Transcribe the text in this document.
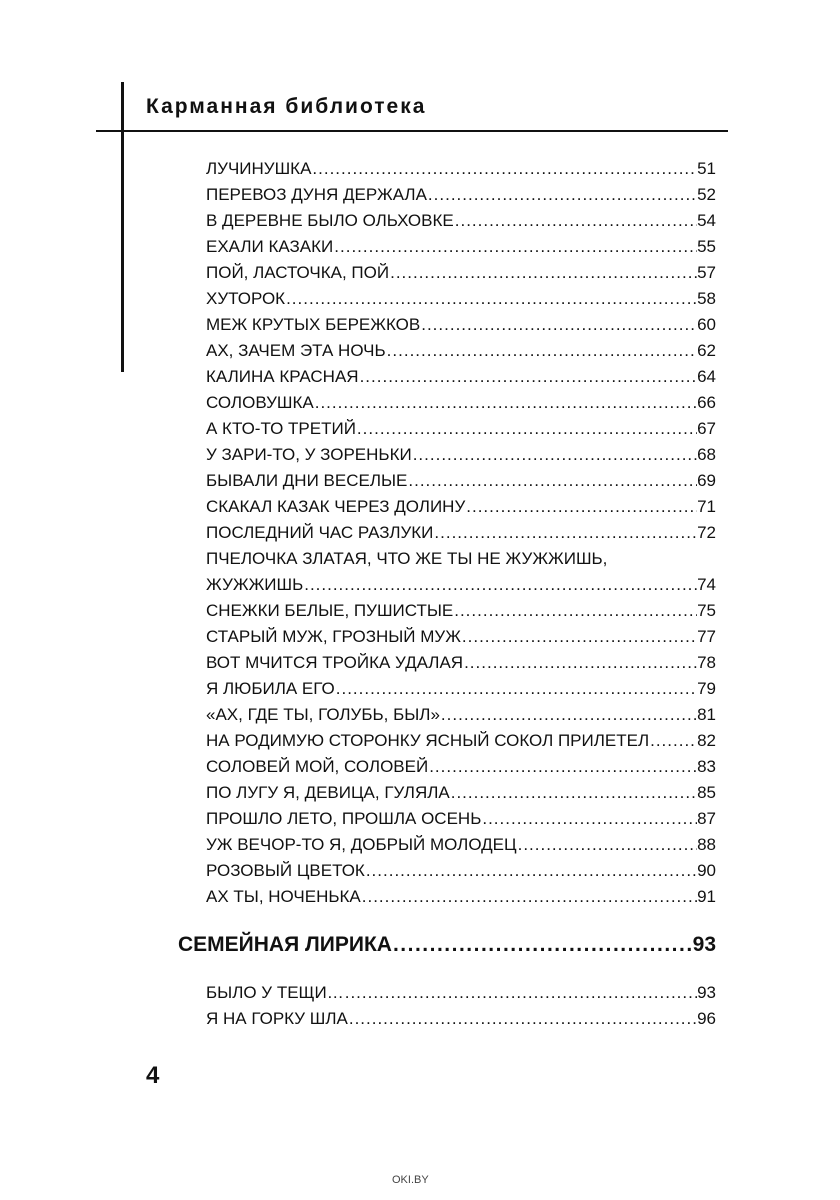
Карманная библиотека
ЛУЧИНУШКА .....	51
ПЕРЕВОЗ ДУНЯ ДЕРЖАЛА .....	52
В ДЕРЕВНЕ БЫЛО ОЛЬХОВКЕ .....	54
ЕХАЛИ КАЗАКИ .....	55
ПОЙ, ЛАСТОЧКА, ПОЙ .....	57
ХУТОРОК .....	58
МЕЖ КРУТЫХ БЕРЕЖКОВ .....	60
АХ, ЗАЧЕМ ЭТА НОЧЬ .....	62
КАЛИНА КРАСНАЯ .....	64
СОЛОВУШКА .....	66
А КТО-ТО ТРЕТИЙ .....	67
У ЗАРИ-ТО, У ЗОРЕНЬКИ .....	68
БЫВАЛИ ДНИ ВЕСЕЛЫЕ .....	69
СКАКАЛ КАЗАК ЧЕРЕЗ ДОЛИНУ .....	71
ПОСЛЕДНИЙ ЧАС РАЗЛУКИ .....	72
ПЧЕЛОЧКА ЗЛАТАЯ, ЧТО ЖЕ ТЫ НЕ ЖУЖЖИШЬ,
ЖУЖЖИШЬ .....	74
СНЕЖКИ БЕЛЫЕ, ПУШИСТЫЕ .....	75
СТАРЫЙ МУЖ, ГРОЗНЫЙ МУЖ .....	77
ВОТ МЧИТСЯ ТРОЙКА УДАЛАЯ .....	78
Я ЛЮБИЛА ЕГО .....	79
«АХ, ГДЕ ТЫ, ГОЛУБЬ, БЫЛ» .....	81
НА РОДИМУЮ СТОРОНКУ ЯСНЫЙ СОКОЛ ПРИЛЕТЕЛ .....	82
СОЛОВЕЙ МОЙ, СОЛОВЕЙ .....	83
ПО ЛУГУ Я, ДЕВИЦА, ГУЛЯЛА .....	85
ПРОШЛО ЛЕТО, ПРОШЛА ОСЕНЬ .....	87
УЖ ВЕЧОР-ТО Я, ДОБРЫЙ МОЛОДЕЦ .....	88
РОЗОВЫЙ ЦВЕТОК .....	90
АХ ТЫ, НОЧЕНЬКА .....	91
СЕМЕЙНАЯ ЛИРИКА .....	93
БЫЛО У ТЕЩИ… .....	93
Я НА ГОРКУ ШЛА .....	96
4
OKI.BY
